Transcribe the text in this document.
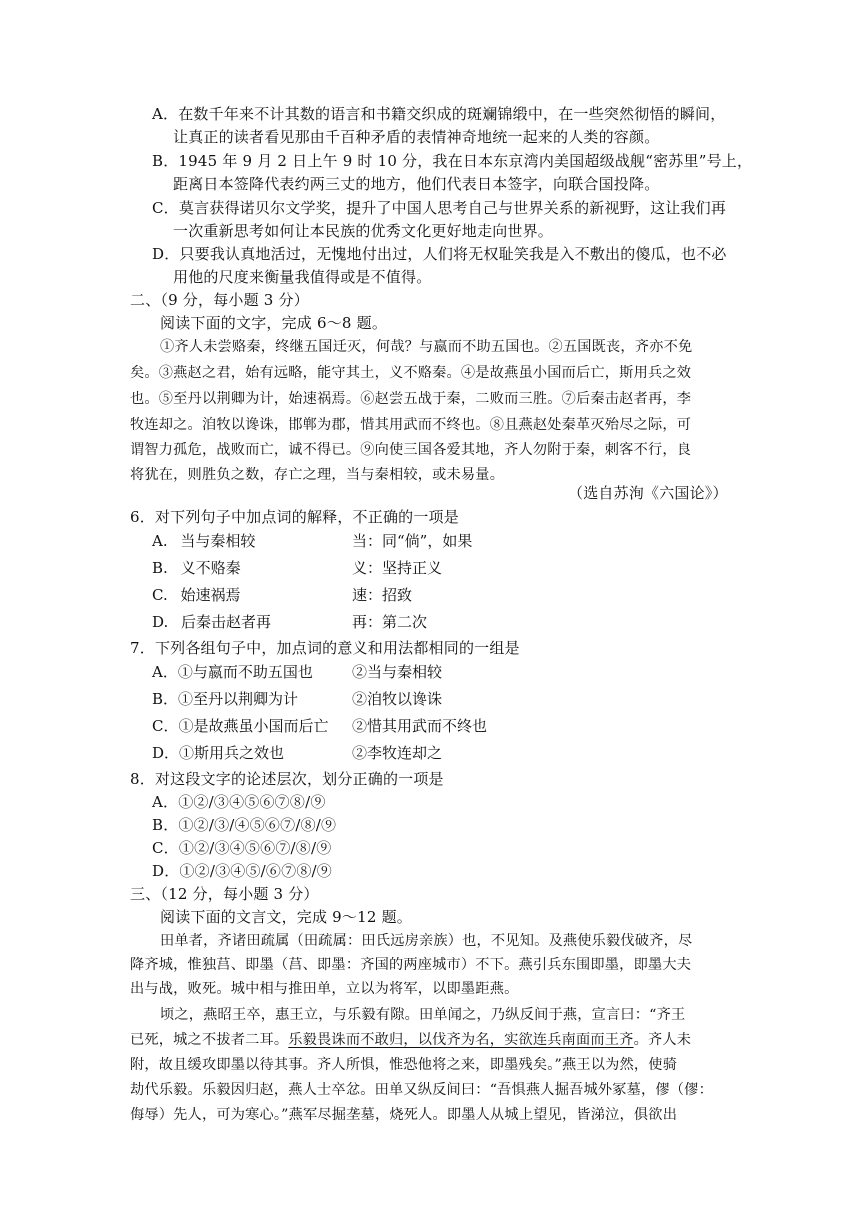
A．在数千年来不计其数的语言和书籍交织成的斑斓锦缎中，在一些突然彻悟的瞬间，
让真正的读者看见那由千百种矛盾的表情神奇地统一起来的人类的容颜。
B．1945 年 9 月 2 日上午 9 时 10 分，我在日本东京湾内美国超级战舰“密苏里”号上，
距离日本签降代表约两三丈的地方，他们代表日本签字，向联合国投降。
C．莫言获得诺贝尔文学奖，提升了中国人思考自己与世界关系的新视野，这让我们再
一次重新思考如何让本民族的优秀文化更好地走向世界。
D．只要我认真地活过，无愧地付出过，人们将无权耻笑我是入不敷出的傻瓜，也不必
用他的尺度来衡量我值得或是不值得。
二、（9 分，每小题 3 分）
阅读下面的文字，完成 6～8 题。
①齐人未尝赂秦，终继五国迁灭，何哉？与嬴而不助五国也。②五国既丧，齐亦不免
矣。③燕赵之君，始有远略，能守其土，义不赂秦。④是故燕虽小国而后亡，斯用兵之效
也。⑤至丹以荆卿为计，始速祸焉。⑥赵尝五战于秦，二败而三胜。⑦后秦击赵者再，李
牧连却之。洎牧以谗诛，邯郸为郡，惜其用武而不终也。⑧且燕赵处秦革灭殆尽之际，可
谓智力孤危，战败而亡，诚不得已。⑨向使三国各爱其地，齐人勿附于秦，刺客不行，良
将犹在，则胜负之数，存亡之理，当与秦相较，或未易量。
（选自苏洵《六国论》）
6．对下列句子中加点词的解释，不正确的一项是
A. 当与秦相较	当：同“倘”，如果
B. 义不赂秦	义：坚持正义
C. 始速祸焉	速：招致
D. 后秦击赵者再	再：第二次
7．下列各组句子中，加点词的意义和用法都相同的一组是
A．①与嬴而不助五国也	②当与秦相较
B．①至丹以荆卿为计	②洎牧以谗诛
C．①是故燕虽小国而后亡 ②惜其用武而不终也
D．①斯用兵之效也	②李牧连却之
8．对这段文字的论述层次，划分正确的一项是
A．①②/③④⑤⑥⑦⑧/⑨
B．①②/③/④⑤⑥⑦/⑧/⑨
C．①②/③④⑤⑥⑦/⑧/⑨
D．①②/③④⑤/⑥⑦⑧/⑨
三、（12 分，每小题 3 分）
阅读下面的文言文，完成 9～12 题。
田单者，齐诸田疏属（田疏属：田氏远房亲族）也，不见知。及燕使乐毅伐破齐，尽
降齐城，惟独莒、即墨（莒、即墨：齐国的两座城市）不下。燕引兵东围即墨，即墨大夫
出与战，败死。城中相与推田单，立以为将军，以即墨距燕。
顷之，燕昭王卒，惠王立，与乐毅有隙。田单闻之，乃纵反间于燕，宣言曰：“齐王
已死，城之不拔者二耳。乐毅畏诛而不敢归，以伐齐为名，实欲连兵南面而王齐。齐人未
附，故且缓攻即墨以待其事。齐人所惧，惟恐他将之来，即墨残矣。”燕王以为然，使骑
劫代乐毅。乐毅因归赵，燕人士卒忿。田单又纵反间曰：“吾惧燕人掘吾城外冢墓，僇（僇：
侮辱）先人，可为寒心。”燕军尽掘垄墓，烧死人。即墨人从城上望见，皆涕泣，俱欲出
